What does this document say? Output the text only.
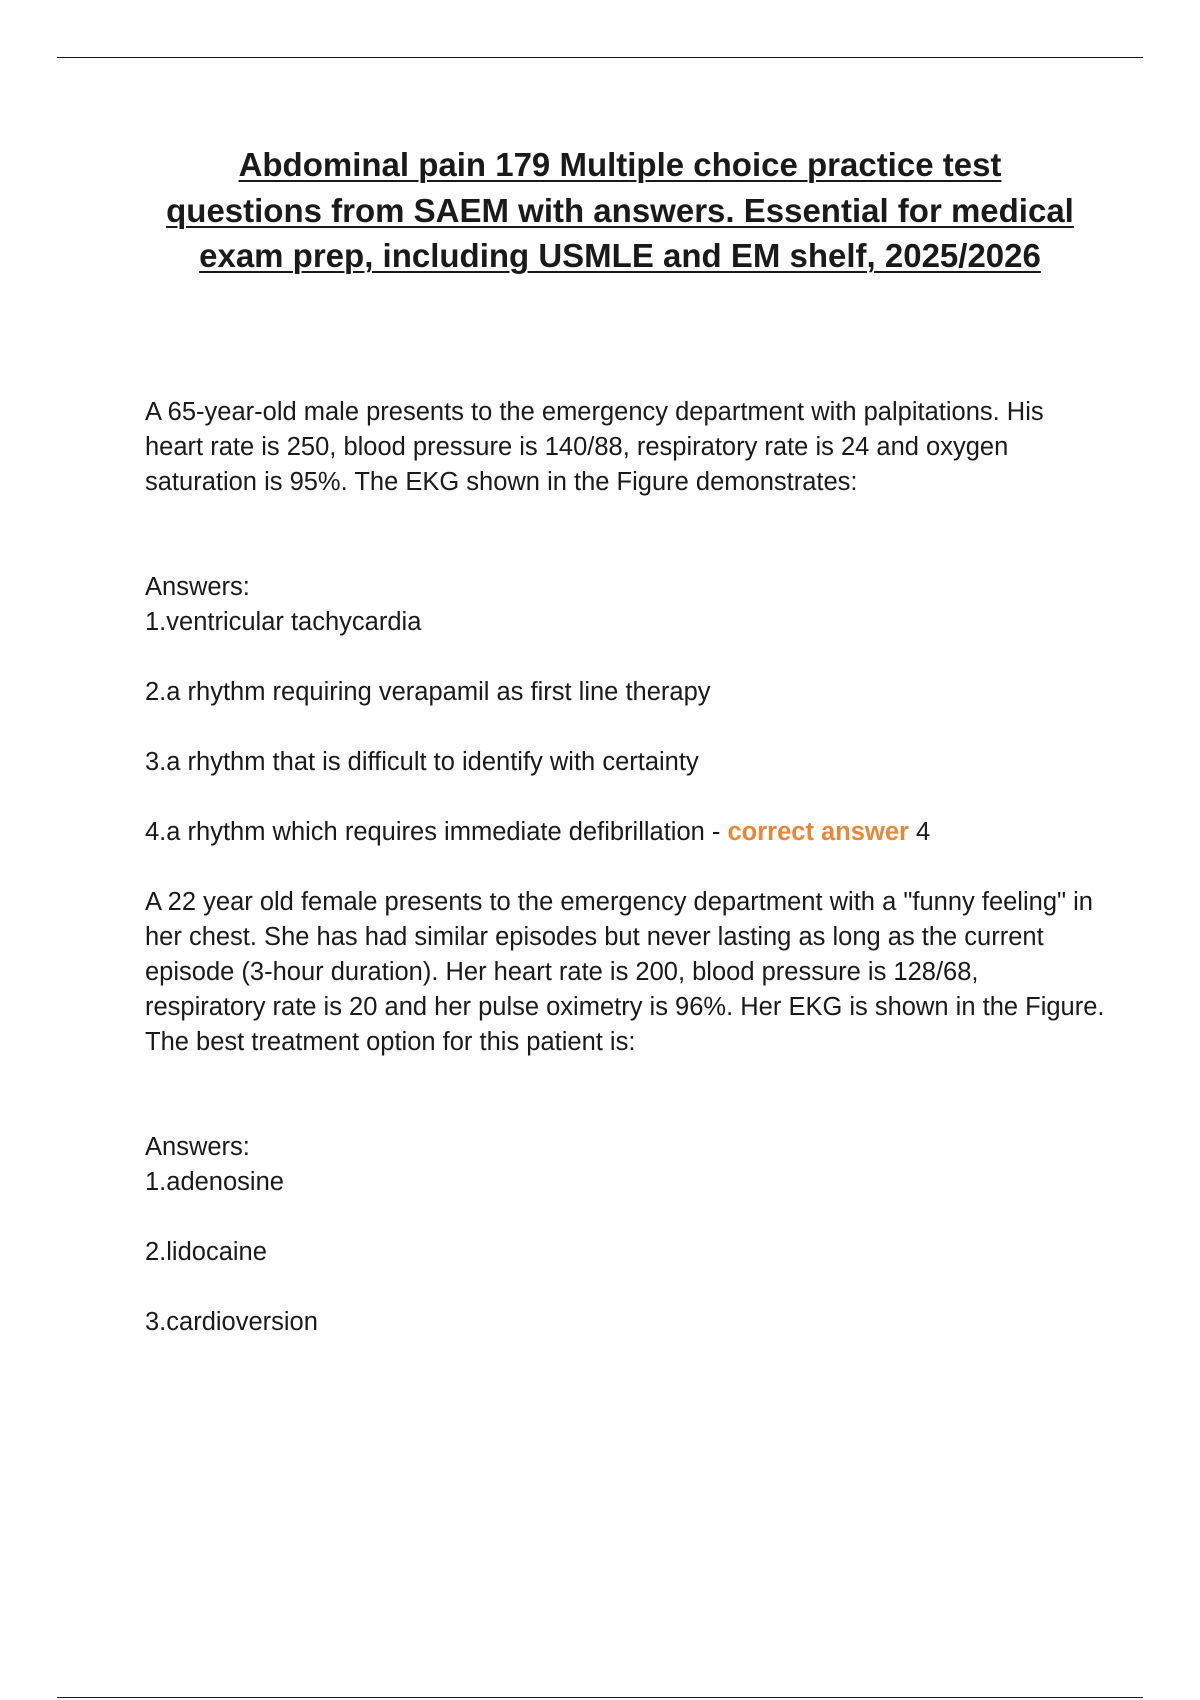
Abdominal pain 179 Multiple choice practice test questions from SAEM with answers. Essential for medical exam prep, including USMLE and EM shelf, 2025/2026

A 65-year-old male presents to the emergency department with palpitations. His heart rate is 250, blood pressure is 140/88, respiratory rate is 24 and oxygen saturation is 95%. The EKG shown in the Figure demonstrates:

Answers:
1.ventricular tachycardia
2.a rhythm requiring verapamil as first line therapy
3.a rhythm that is difficult to identify with certainty
4.a rhythm which requires immediate defibrillation - correct answer 4

A 22 year old female presents to the emergency department with a "funny feeling" in her chest. She has had similar episodes but never lasting as long as the current episode (3-hour duration). Her heart rate is 200, blood pressure is 128/68, respiratory rate is 20 and her pulse oximetry is 96%. Her EKG is shown in the Figure. The best treatment option for this patient is:

Answers:
1.adenosine
2.lidocaine
3.cardioversion
